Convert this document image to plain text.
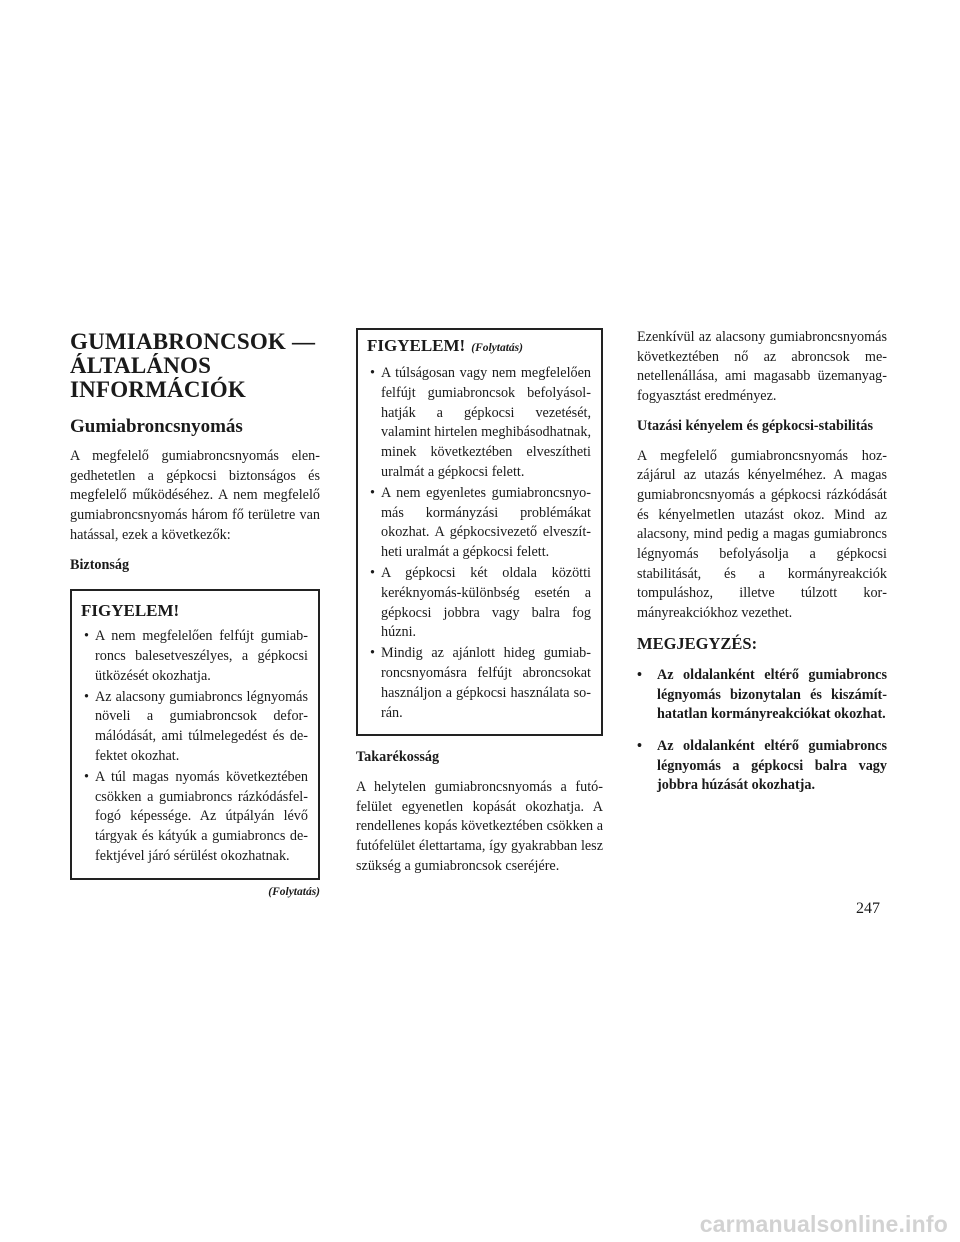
GUMIABRONCSOK —
ÁLTALÁNOS
INFORMÁCIÓK
Gumiabroncsnyomás

A megfelelő gumiabroncsnyomás elengedhetetlen a gépkocsi biztonságos és megfelelő működéséhez. A nem megfelelő gumiabroncsnyomás három fő területre van hatással, ezek a következők:

Biztonság

FIGYELEM!
• A nem megfelelően felfújt gumiabroncs balesetveszélyes, a gépkocsi ütközését okozhatja.
• Az alacsony gumiabroncs légnyomás növeli a gumiabroncsok deformálódását, ami túlmelegedést és defektet okozhat.
• A túl magas nyomás következtében csökken a gumiabroncs rázkódásfelfogó képessége. Az útpályán lévő tárgyak és kátyúk a gumiabroncs defektjével járó sérülést okozhatnak.
(Folytatás)
FIGYELEM! (Folytatás)
• A túlságosan vagy nem megfelelően felfújt gumiabroncsok befolyásolhatják a gépkocsi vezetését, valamint hirtelen meghibásodhatnak, minek következtében elveszítheti uralmát a gépkocsi felett.
• A nem egyenletes gumiabroncsnyomás kormányzási problémákat okozhat. A gépkocsivezető elveszítheti uralmát a gépkocsi felett.
• A gépkocsi két oldala közötti keréknyomás-különbség esetén a gépkocsi jobbra vagy balra fog húzni.
• Mindig az ajánlott hideg gumiabroncsnyomásra felfújt abroncsokat használjon a gépkocsi használata során.

Takarékosság

A helytelen gumiabroncsnyomás a futófelület egyenetlen kopását okozhatja. A rendellenes kopás következtében csökken a futófelület élettartama, így gyakrabban lesz szükség a gumiabroncsok cseréjére.

Ezenkívül az alacsony gumiabroncsnyomás következtében nő az abroncsok menetellenállása, ami magasabb üzemanyag-fogyasztást eredményez.

Utazási kényelem és gépkocsi-stabilitás

A megfelelő gumiabroncsnyomás hozzájárul az utazás kényelméhez. A magas gumiabroncsnyomás a gépkocsi rázkódását és kényelmetlen utazást okoz. Mind az alacsony, mind pedig a magas gumiabroncs légnyomás befolyásolja a gépkocsi stabilitását, és a kormányreakciók tompuláshoz, illetve túlzott kormányreakciókhoz vezethet.

MEGJEGYZÉS:
• Az oldalanként eltérő gumiabroncs légnyomás bizonytalan és kiszámíthatatlan kormányreakciókat okozhat.
• Az oldalanként eltérő gumiabroncs légnyomás a gépkocsi balra vagy jobbra húzását okozhatja.
247
carmanualsonline.info
